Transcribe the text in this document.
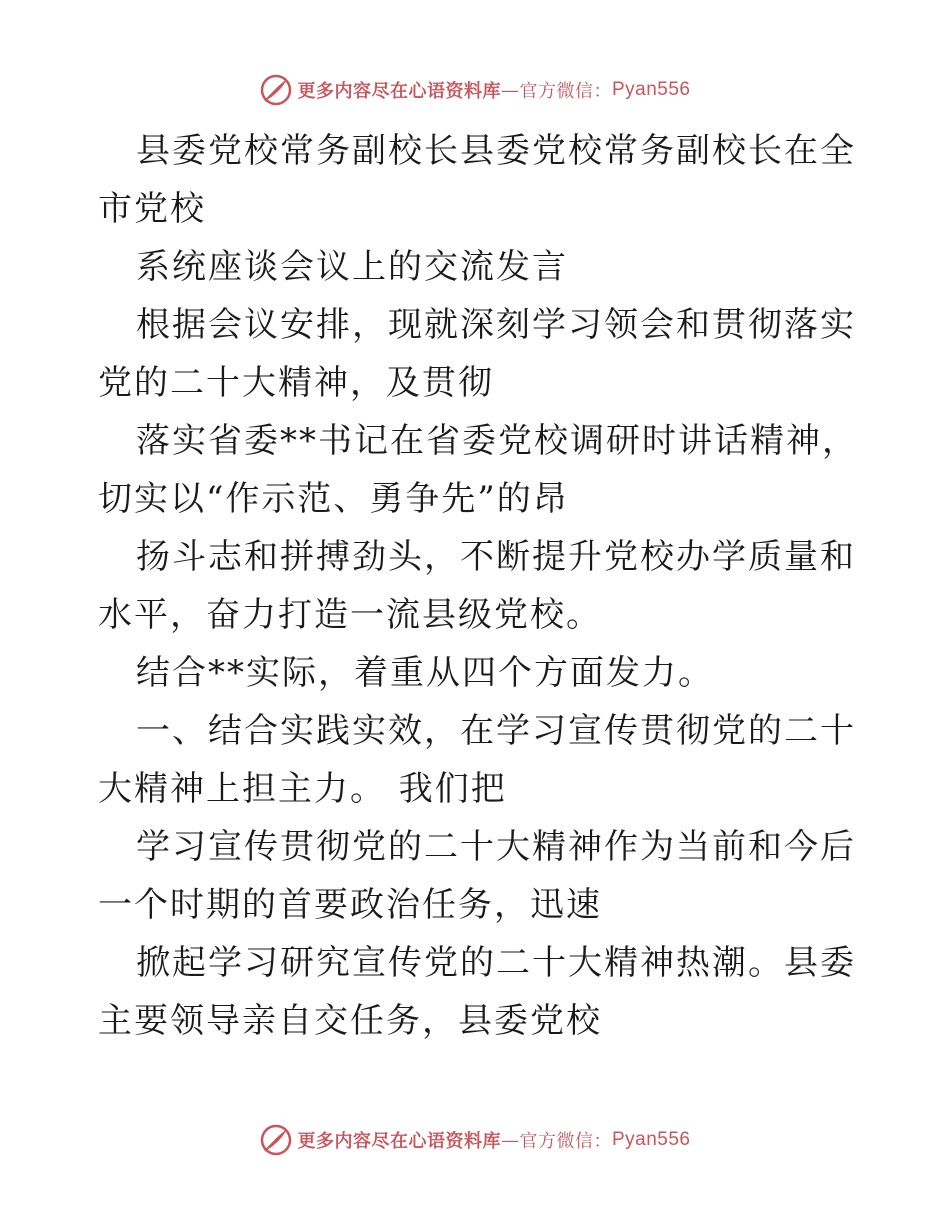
更多内容尽在心语资料库 — 官方微信： Pyan556

县委党校常务副校长县委党校常务副校长在全市党校

系统座谈会议上的交流发言

根据会议安排，现就深刻学习领会和贯彻落实党的二十大精神，及贯彻

落实省委**书记在省委党校调研时讲话精神，切实以“作示范、勇争先”的昂

扬斗志和拼搏劲头，不断提升党校办学质量和水平，奋力打造一流县级党校。

结合**实际，着重从四个方面发力。

一、结合实践实效，在学习宣传贯彻党的二十大精神上担主力。 我们把

学习宣传贯彻党的二十大精神作为当前和今后一个时期的首要政治任务，迅速

掀起学习研究宣传党的二十大精神热潮。县委主要领导亲自交任务，县委党校

更多内容尽在心语资料库 — 官方微信： Pyan556
